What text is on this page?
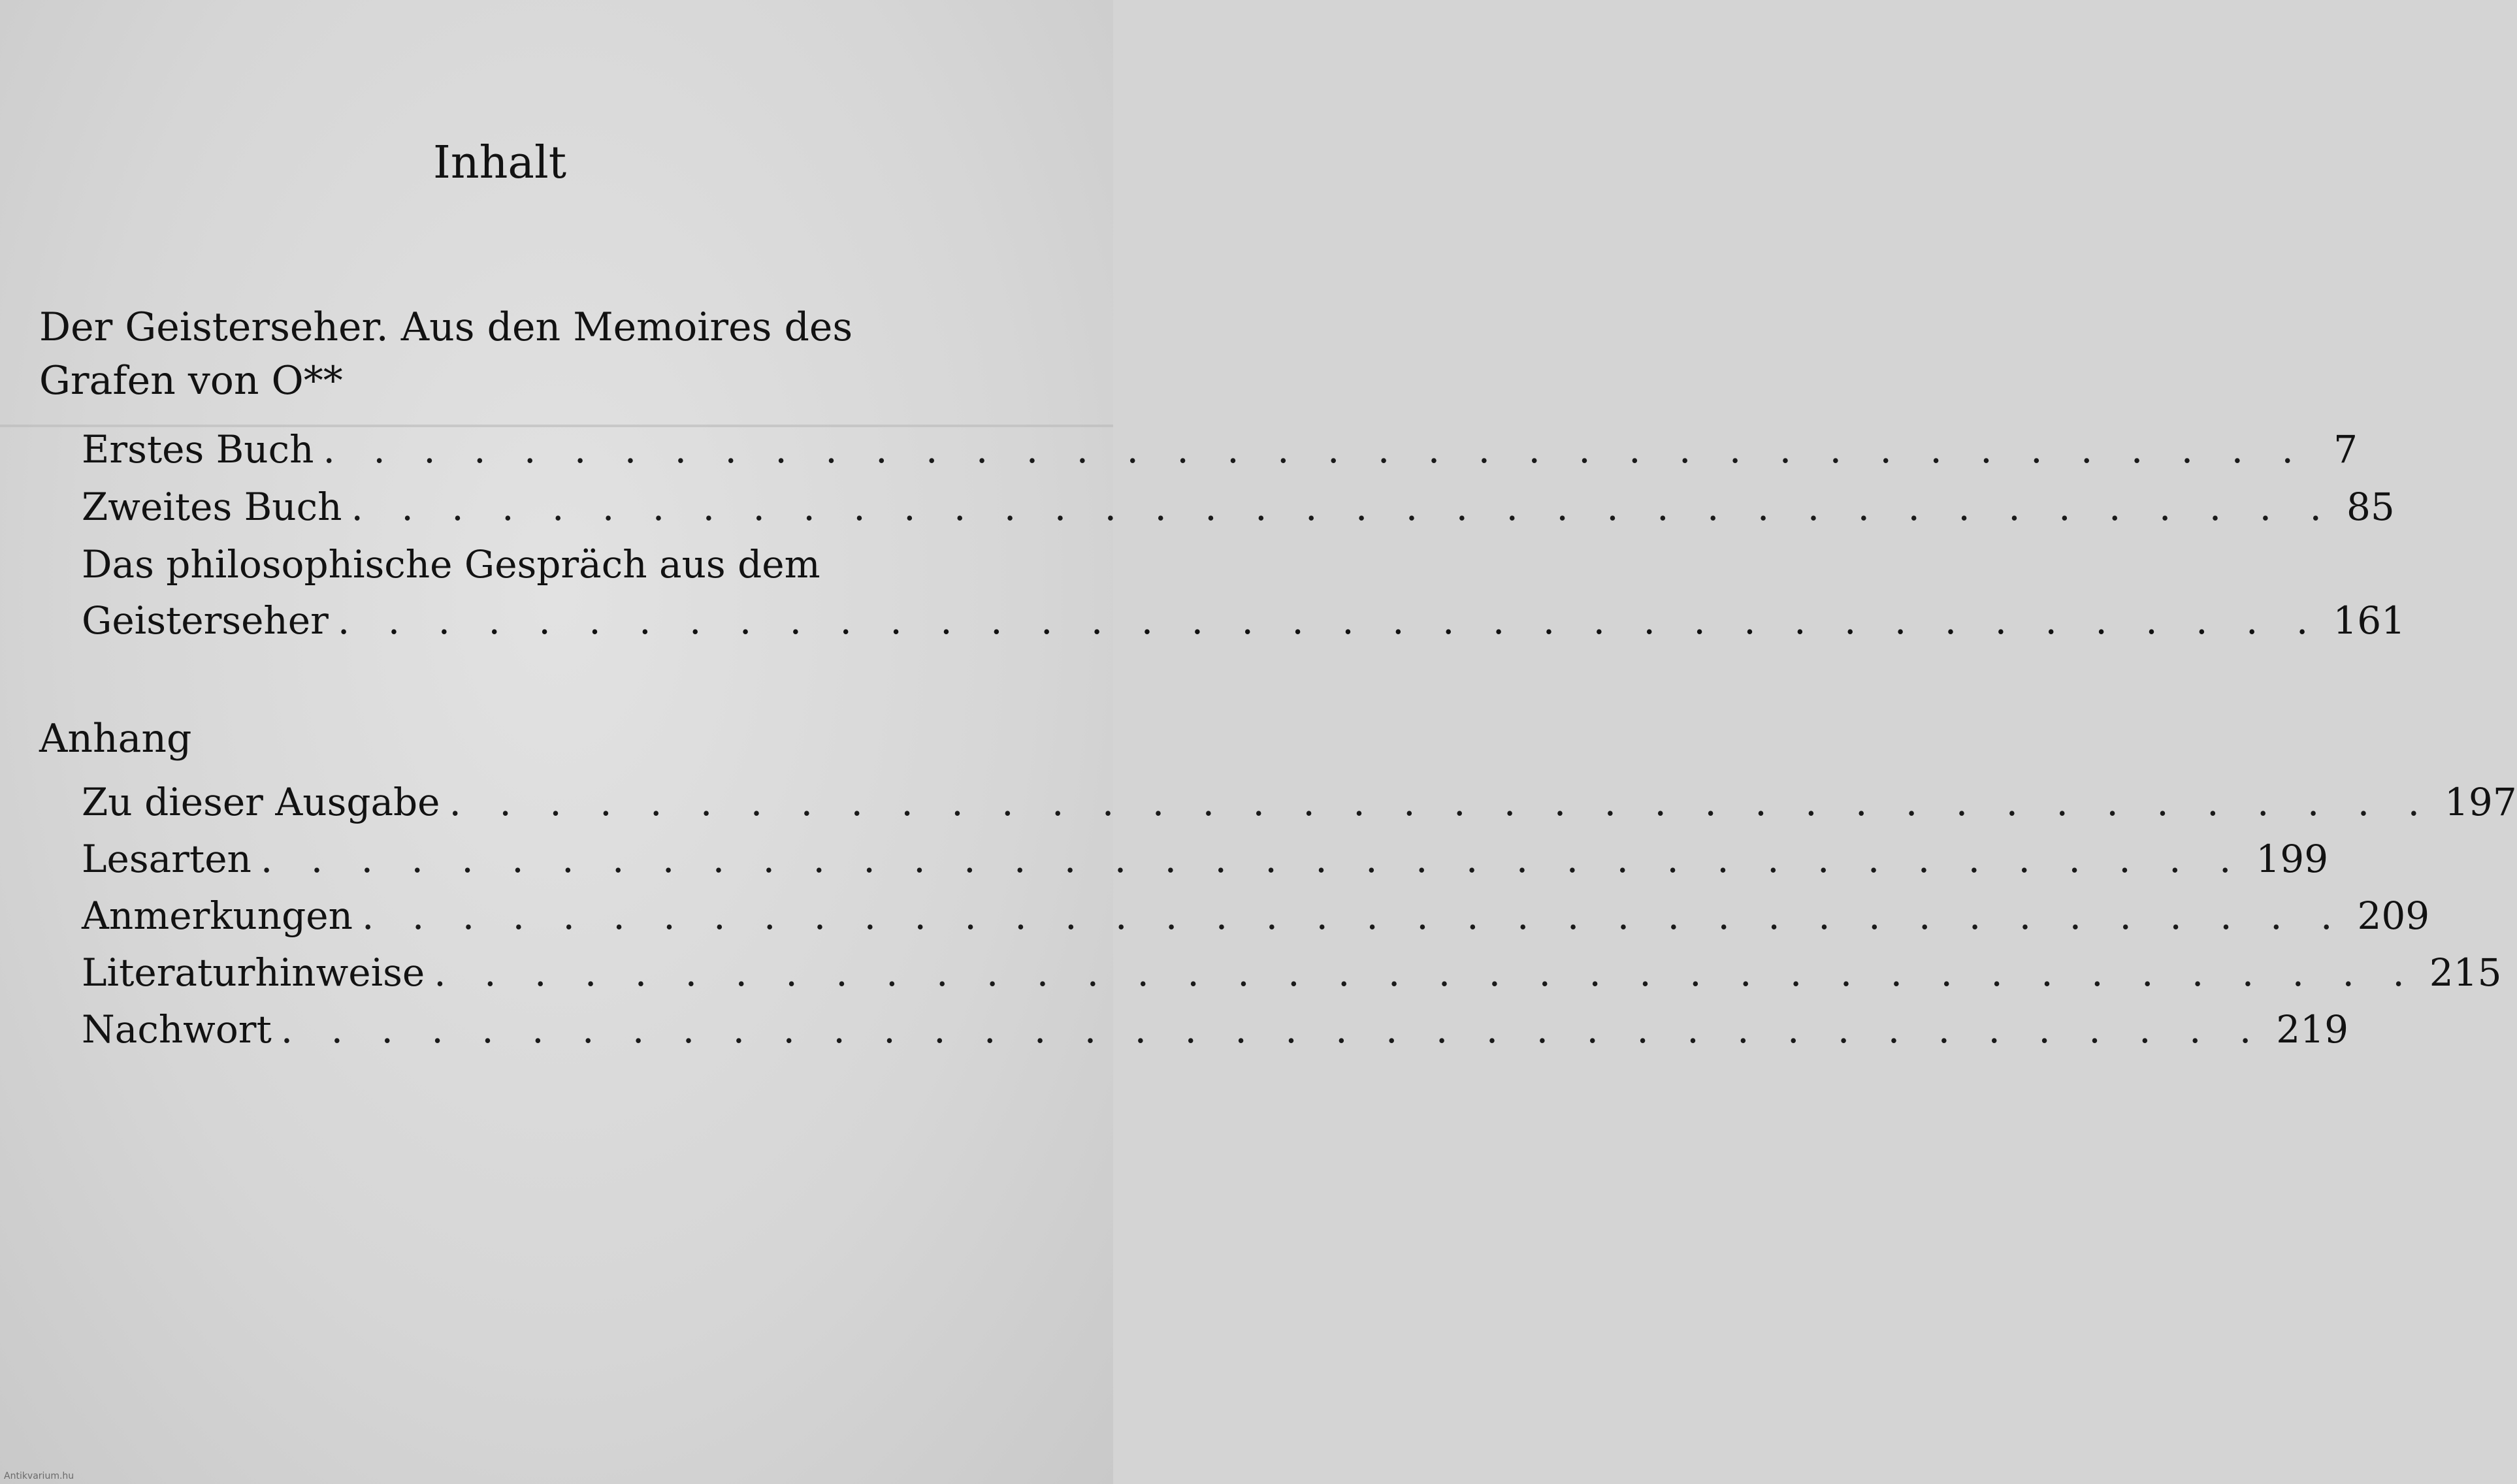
Inhalt
Der Geisterseher. Aus den Memoires des Grafen von O**
Erstes Buch . . . . . . . . . . . . . . . . . . . . . . . . . . . . . . . . . . . . . . . . 7
Zweites Buch . . . . . . . . . . . . . . . . . . . . . . . . . . . . . . . . . . . . . . . . 85
Das philosophische Gespräch aus dem
Geisterseher . . . . . . . . . . . . . . . . . . . . . . . . . . . . . . . . . . . . . . . . 161
Anhang
Zu dieser Ausgabe . . . . . . . . . . . . . . . . . . . . . . . . . . . . . . . . . . . . . . . . 197
Lesarten . . . . . . . . . . . . . . . . . . . . . . . . . . . . . . . . . . . . . . . . 199
Anmerkungen . . . . . . . . . . . . . . . . . . . . . . . . . . . . . . . . . . . . . . . . 209
Literaturhinweise . . . . . . . . . . . . . . . . . . . . . . . . . . . . . . . . . . . . . . . . 215
Nachwort . . . . . . . . . . . . . . . . . . . . . . . . . . . . . . . . . . . . . . . . 219
Antikvarium.hu
